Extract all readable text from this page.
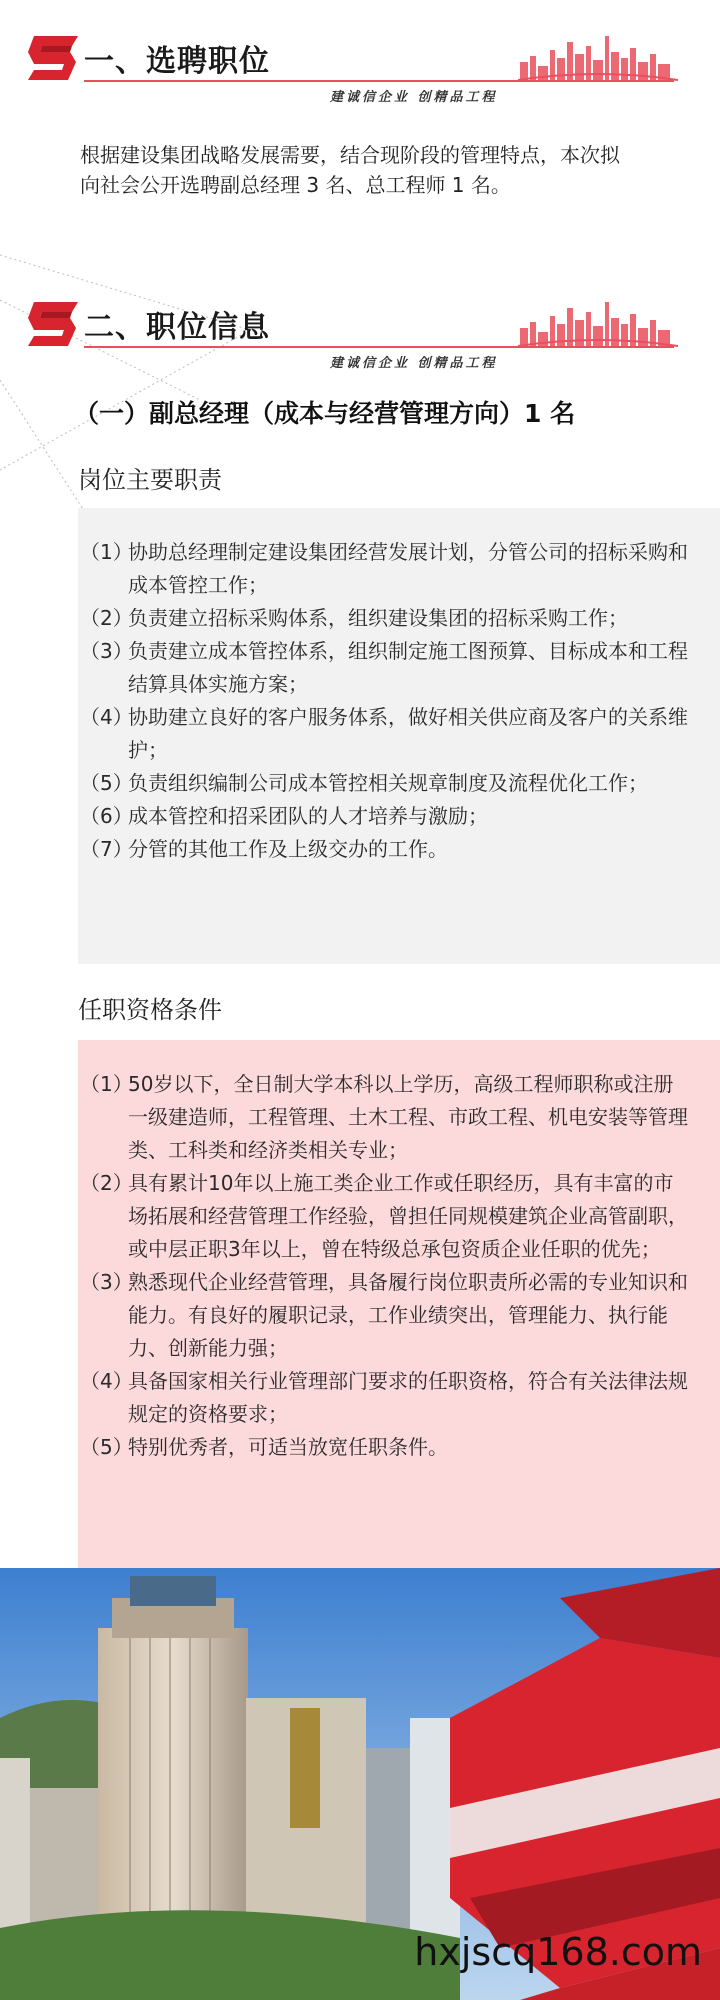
一、选聘职位
建诚信企业 创精品工程
根据建设集团战略发展需要，结合现阶段的管理特点，本次拟向社会公开选聘副总经理 3 名、总工程师 1 名。
二、职位信息
建诚信企业 创精品工程
（一）副总经理（成本与经营管理方向）1 名
岗位主要职责
（1）
协助总经理制定建设集团经营发展计划，分管公司的招标采购和成本管控工作；
（2）
负责建立招标采购体系，组织建设集团的招标采购工作；
（3）
负责建立成本管控体系，组织制定施工图预算、目标成本和工程结算具体实施方案；
（4）
协助建立良好的客户服务体系，做好相关供应商及客户的关系维护；
（5）
负责组织编制公司成本管控相关规章制度及流程优化工作；
（6）
成本管控和招采团队的人才培养与激励；
（7）
分管的其他工作及上级交办的工作。
任职资格条件
（1）
50岁以下，全日制大学本科以上学历，高级工程师职称或注册一级建造师，工程管理、土木工程、市政工程、机电安装等管理类、工科类和经济类相关专业；
（2）
具有累计10年以上施工类企业工作或任职经历，具有丰富的市场拓展和经营管理工作经验，曾担任同规模建筑企业高管副职，或中层正职3年以上，曾在特级总承包资质企业任职的优先；
（3）
熟悉现代企业经营管理，具备履行岗位职责所必需的专业知识和能力。有良好的履职记录，工作业绩突出，管理能力、执行能力、创新能力强；
（4）
具备国家相关行业管理部门要求的任职资格，符合有关法律法规规定的资格要求；
（5）
特别优秀者，可适当放宽任职条件。
hxjscq168.com
